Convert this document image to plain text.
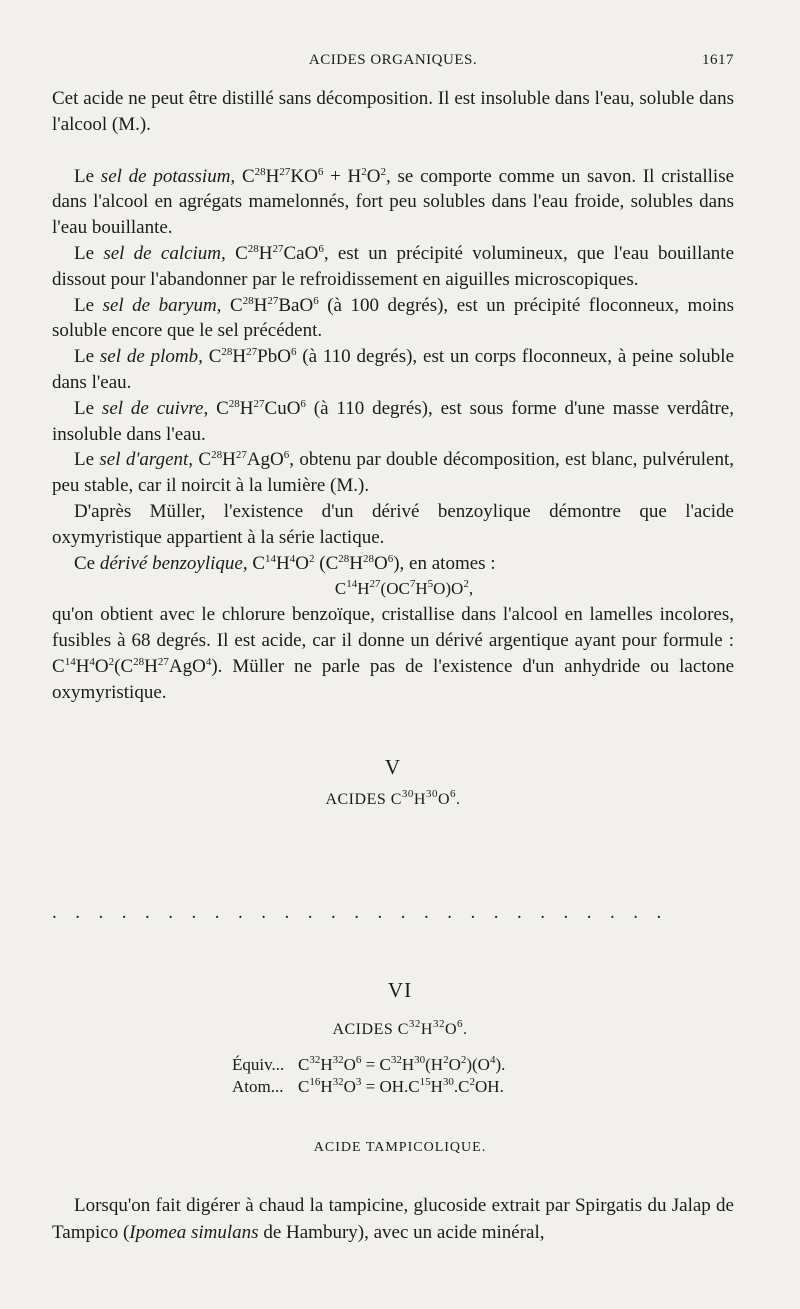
ACIDES ORGANIQUES.	1617

Cet acide ne peut être distillé sans décomposition. Il est insoluble dans l'eau, soluble dans l'alcool (M.).

Le sel de potassium, $C^{28}H^{27}KO^6 + H^2O^2$, se comporte comme un savon. Il cristallise dans l'alcool en agrégats mamelonnés, fort peu solubles dans l'eau froide, solubles dans l'eau bouillante.

Le sel de calcium, $C^{28}H^{27}CaO^6$, est un précipité volumineux, que l'eau bouillante dissout pour l'abandonner par le refroidissement en aiguilles microscopiques.

Le sel de baryum, $C^{28}H^{27}BaO^6$ (à 100 degrés), est un précipité floconneux, moins soluble encore que le sel précédent.

Le sel de plomb, $C^{28}H^{27}PbO^6$ (à 110 degrés), est un corps floconneux, à peine soluble dans l'eau.

Le sel de cuivre, $C^{28}H^{27}CuO^6$ (à 110 degrés), est sous forme d'une masse verdâtre, insoluble dans l'eau.

Le sel d'argent, $C^{28}H^{27}AgO^6$, obtenu par double décomposition, est blanc, pulvérulent, peu stable, car il noircit à la lumière (M.).

D'après Müller, l'existence d'un dérivé benzoylique démontre que l'acide oxymyristique appartient à la série lactique.

Ce dérivé benzoylique, $C^{14}H^4O^2$ $(C^{28}H^{28}O^6)$, en atomes :

$C^{14}H^{27}(OC^7H^5O)O^2$,

qu'on obtient avec le chlorure benzoïque, cristallise dans l'alcool en lamelles incolores, fusibles à 68 degrés. Il est acide, car il donne un dérivé argentique ayant pour formule : $C^{14}H^4O^2(C^{28}H^{27}AgO^4)$. Müller ne parle pas de l'existence d'un anhydride ou lactone oxymyristique.

V
ACIDES $C^{30}H^{30}O^6$.
...........................
VI
ACIDES $C^{32}H^{32}O^6$.
Équiv... $C^{32}H^{32}O^6 = C^{32}H^{30}(H^2O^2)(O^4)$.
Atom... $C^{16}H^{32}O^3 = OH.C^{15}H^{30}.C^2OH$.
ACIDE TAMPICOLIQUE.

Lorsqu'on fait digérer à chaud la tampicine, glucoside extrait par Spirgatis du Jalap de Tampico (Ipomea simulans de Hambury), avec un acide minéral,
